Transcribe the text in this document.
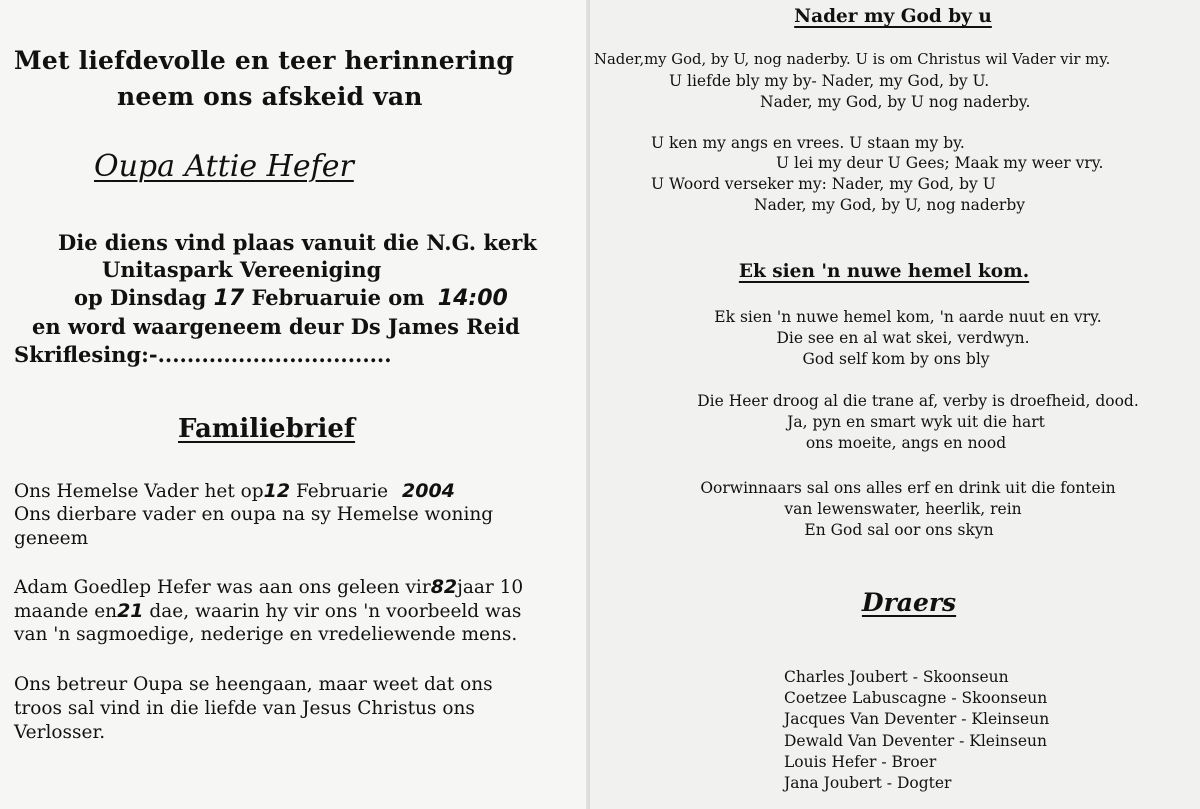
Met liefdevolle en teer herinnering
neem ons afskeid van
Oupa Attie Hefer
Die diens vind plaas vanuit die N.G. kerk
Unitaspark Vereeniging
op Dinsdag 17 Februaruie om 14:00
en word waargeneem deur Ds James Reid
Skriflesing:-................................
Familiebrief
Ons Hemelse Vader het op12 Februarie 2004
Ons dierbare vader en oupa na sy Hemelse woning
geneem
Adam Goedlep Hefer was aan ons geleen vir82jaar 10
maande en21 dae, waarin hy vir ons 'n voorbeeld was
van 'n sagmoedige, nederige en vredeliewende mens.
Ons betreur Oupa se heengaan, maar weet dat ons
troos sal vind in die liefde van Jesus Christus ons
Verlosser.
Nader my God by u
Nader,my God, by U, nog naderby. U is om Christus wil Vader vir my.
U liefde bly my by- Nader, my God, by U.
Nader, my God, by U nog naderby.
U ken my angs en vrees. U staan my by.
U lei my deur U Gees; Maak my weer vry.
U Woord verseker my: Nader, my God, by U
Nader, my God, by U, nog naderby
Ek sien 'n nuwe hemel kom.
Ek sien 'n nuwe hemel kom, 'n aarde nuut en vry.
Die see en al wat skei, verdwyn.
God self kom by ons bly
Die Heer droog al die trane af, verby is droefheid, dood.
Ja, pyn en smart wyk uit die hart
ons moeite, angs en nood
Oorwinnaars sal ons alles erf en drink uit die fontein
van lewenswater, heerlik, rein
En God sal oor ons skyn
Draers
Charles Joubert - Skoonseun
Coetzee Labuscagne - Skoonseun
Jacques Van Deventer - Kleinseun
Dewald Van Deventer - Kleinseun
Louis Hefer - Broer
Jana Joubert - Dogter
